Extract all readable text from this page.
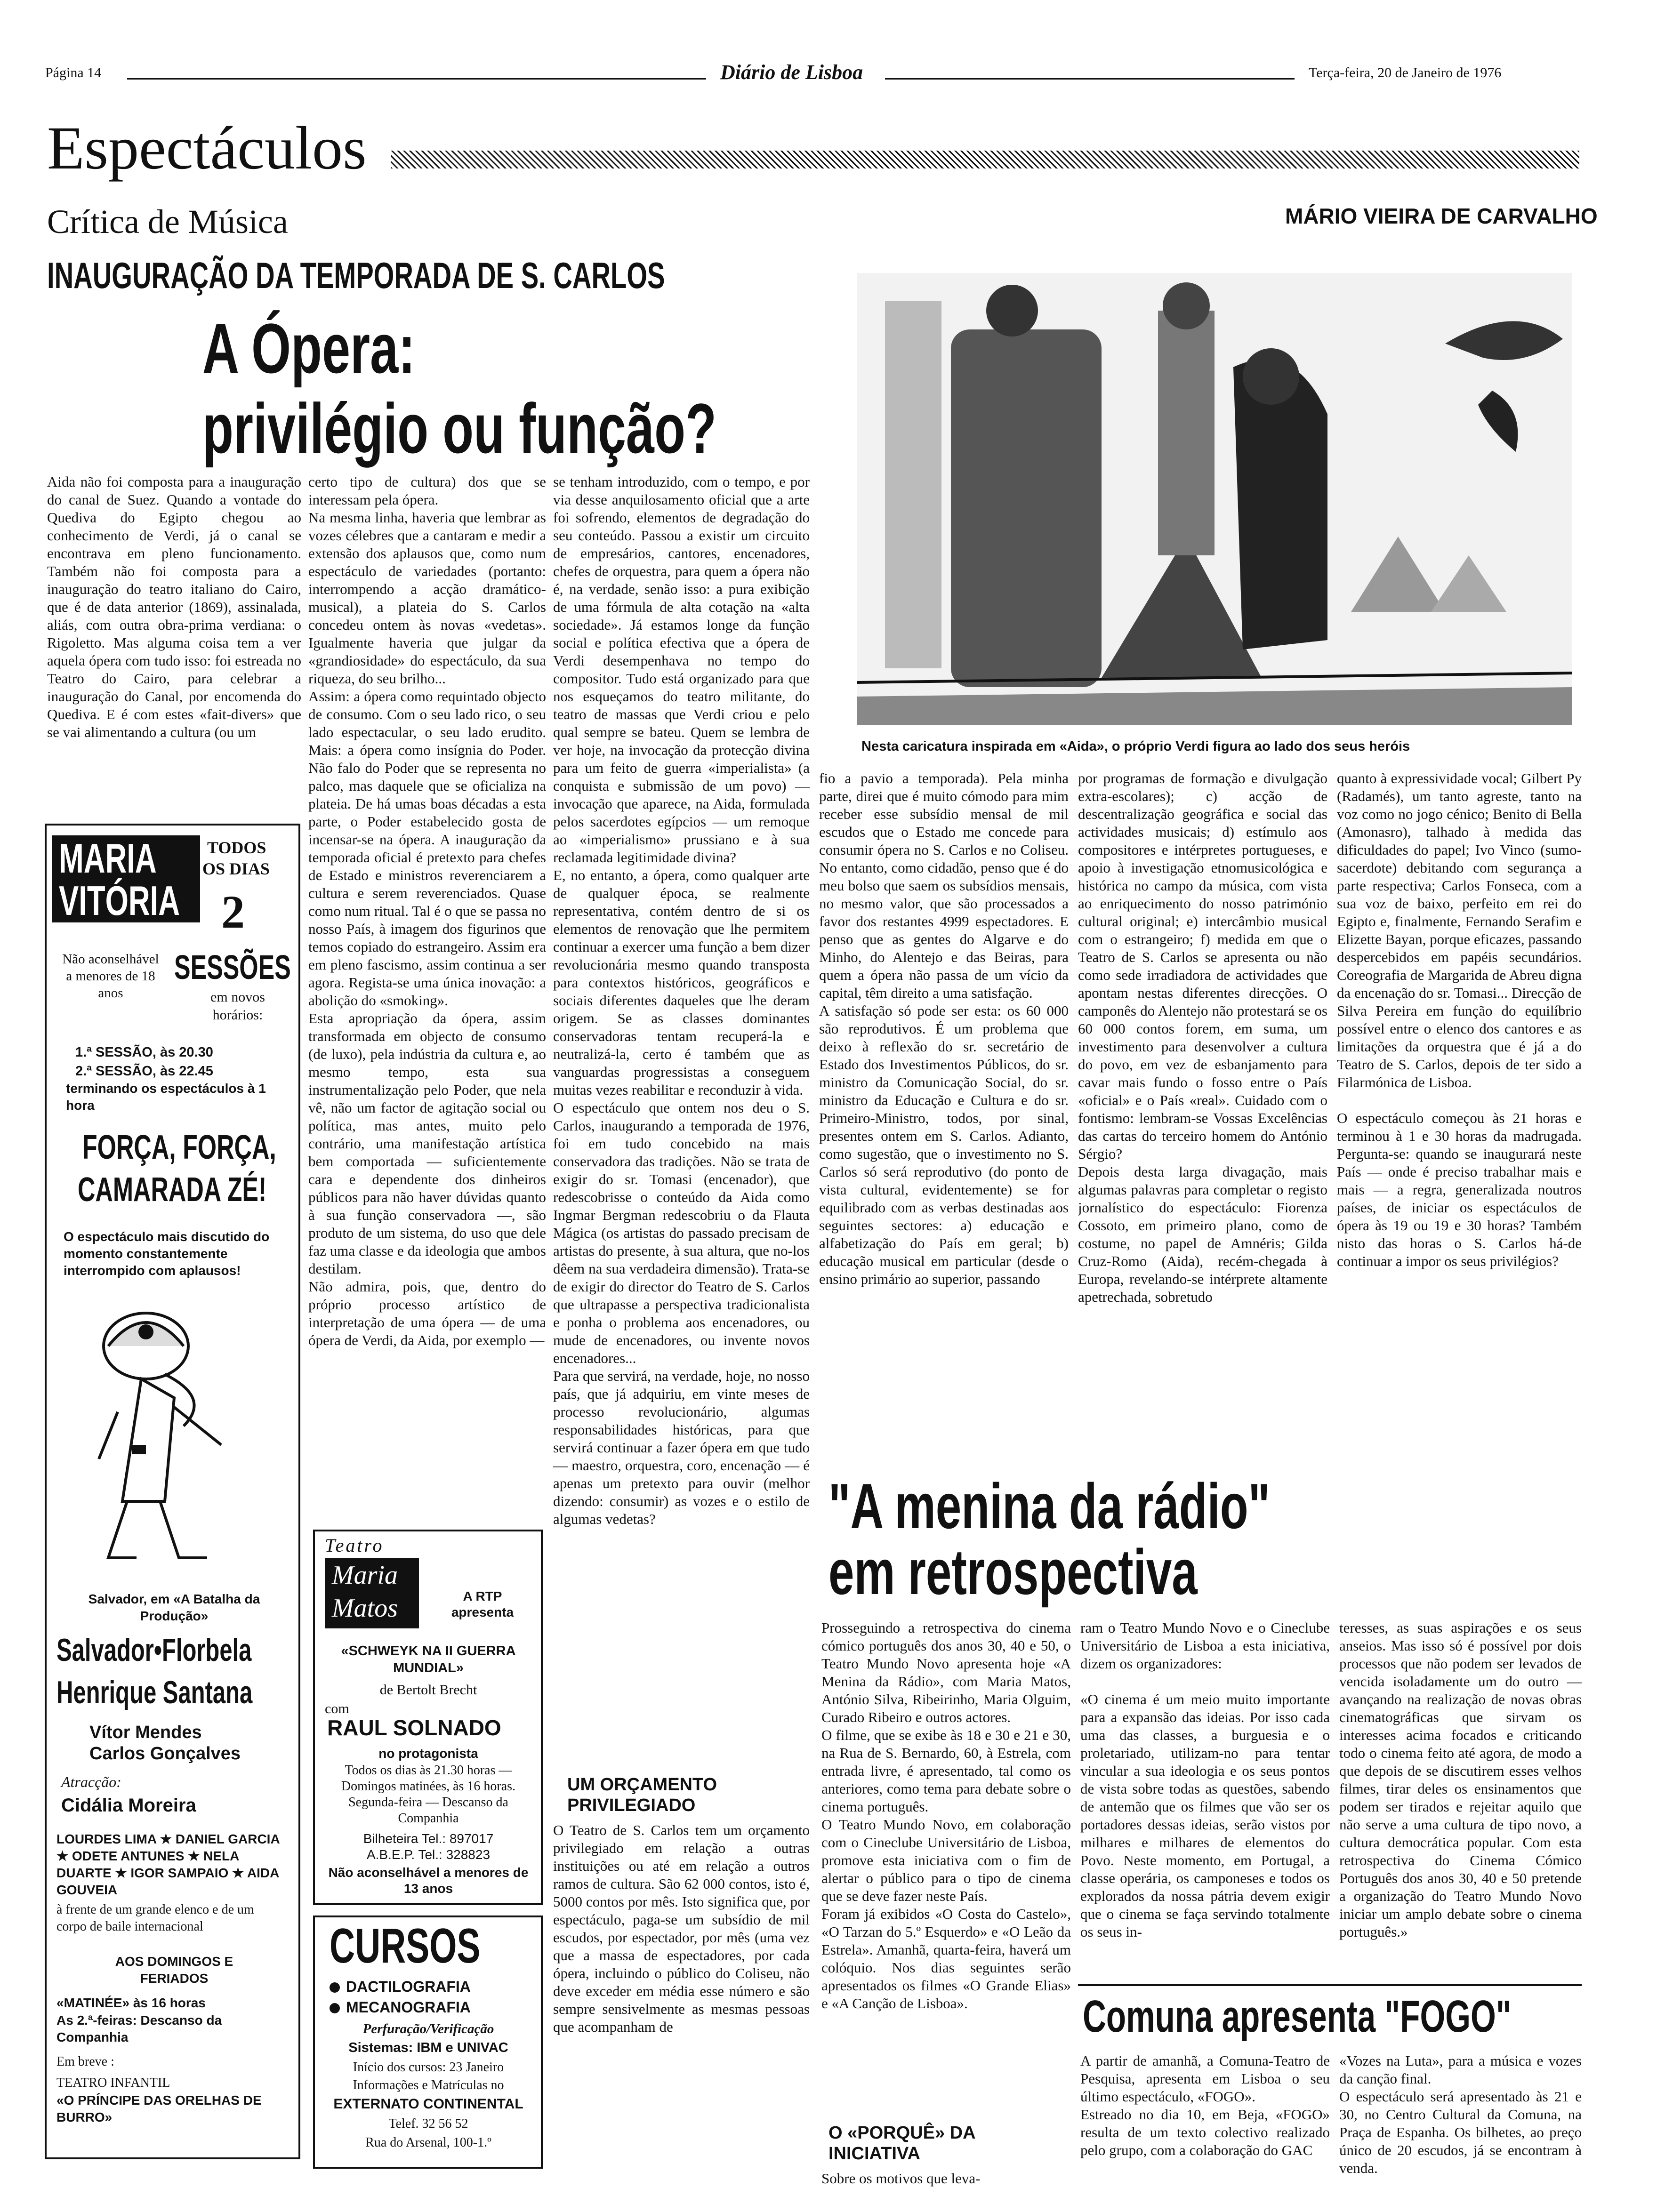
Página 14	Diário de Lisboa	Terça-feira, 20 de Janeiro de 1976
Espectáculos
Crítica de Música	MÁRIO VIEIRA DE CARVALHO
INAUGURAÇÃO DA TEMPORADA DE S. CARLOS
A Ópera:
privilégio ou função?
Nesta caricatura inspirada em «Aida», o próprio Verdi figura ao lado dos seus heróis
Aida não foi composta para a inauguração do canal de Suez. Quando a vontade do Quediva do Egipto chegou ao conhecimento de Verdi, já o canal se encontrava em pleno funcionamento. Também não foi composta para a inauguração do teatro italiano do Cairo, que é de data anterior (1869), assinalada, aliás, com outra obra-prima verdiana: o Rigoletto. Mas alguma coisa tem a ver aquela ópera com tudo isso: foi estreada no Teatro do Cairo, para celebrar a inauguração do Canal, por encomenda do Quediva. E é com estes «fait-divers» que se vai alimentando a cultura (ou um
certo tipo de cultura) dos que se interessam pela ópera.
Na mesma linha, haveria que lembrar as vozes célebres que a cantaram e medir a extensão dos aplausos que, como num espectáculo de variedades (portanto: interrompendo a acção dramático-musical), a plateia do S. Carlos concedeu ontem às novas «vedetas». Igualmente haveria que julgar da «grandiosidade» do espectáculo, da sua riqueza, do seu brilho...
Assim: a ópera como requintado objecto de consumo. Com o seu lado rico, o seu lado espectacular, o seu lado erudito. Mais: a ópera como insígnia do Poder. Não falo do Poder que se representa no palco, mas daquele que se oficializa na plateia. De há umas boas décadas a esta parte, o Poder estabelecido gosta de incensar-se na ópera. A inauguração da temporada oficial é pretexto para chefes de Estado e ministros reverenciarem a cultura e serem reverenciados. Quase como num ritual. Tal é o que se passa no nosso País, à imagem dos figurinos que temos copiado do estrangeiro. Assim era em pleno fascismo, assim continua a ser agora. Regista-se uma única inovação: a abolição do «smoking».
Esta apropriação da ópera, assim transformada em objecto de consumo (de luxo), pela indústria da cultura e, ao mesmo tempo, esta sua instrumentalização pelo Poder, que nela vê, não um factor de agitação social ou política, mas antes, muito pelo contrário, uma manifestação artística bem comportada — suficientemente cara e dependente dos dinheiros públicos para não haver dúvidas quanto à sua função conservadora —, são produto de um sistema, do uso que dele faz uma classe e da ideologia que ambos destilam.
Não admira, pois, que, dentro do próprio processo artístico de interpretação de uma ópera — de uma ópera de Verdi, da Aida, por exemplo —
se tenham introduzido, com o tempo, e por via desse anquilosamento oficial que a arte foi sofrendo, elementos de degradação do seu conteúdo. Passou a existir um circuito de empresários, cantores, encenadores, chefes de orquestra, para quem a ópera não é, na verdade, senão isso: a pura exibição de uma fórmula de alta cotação na «alta sociedade». Já estamos longe da função social e política efectiva que a ópera de Verdi desempenhava no tempo do compositor. Tudo está organizado para que nos esqueçamos do teatro militante, do teatro de massas que Verdi criou e pelo qual sempre se bateu. Quem se lembra de ver hoje, na invocação da protecção divina para um feito de guerra «imperialista» (a conquista e submissão de um povo) — invocação que aparece, na Aida, formulada pelos sacerdotes egípcios — um remoque ao «imperialismo» prussiano e à sua reclamada legitimidade divina?
E, no entanto, a ópera, como qualquer arte de qualquer época, se realmente representativa, contém dentro de si os elementos de renovação que lhe permitem continuar a exercer uma função a bem dizer revolucionária mesmo quando transposta para contextos históricos, geográficos e sociais diferentes daqueles que lhe deram origem. Se as classes dominantes conservadoras tentam recuperá-la e neutralizá-la, certo é também que as vanguardas progressistas a conseguem muitas vezes reabilitar e reconduzir à vida.
O espectáculo que ontem nos deu o S. Carlos, inaugurando a temporada de 1976, foi em tudo concebido na mais conservadora das tradições. Não se trata de exigir do sr. Tomasi (encenador), que redescobrisse o conteúdo da Aida como Ingmar Bergman redescobriu o da Flauta Mágica (os artistas do passado precisam de artistas do presente, à sua altura, que no-los dêem na sua verdadeira dimensão). Trata-se de exigir do director do Teatro de S. Carlos que ultrapasse a perspectiva tradicionalista e ponha o problema aos encenadores, ou mude de encenadores, ou invente novos encenadores...
Para que servirá, na verdade, hoje, no nosso país, que já adquiriu, em vinte meses de processo revolucionário, algumas responsabilidades históricas, para que servirá continuar a fazer ópera em que tudo — maestro, orquestra, coro, encenação — é apenas um pretexto para ouvir (melhor dizendo: consumir) as vozes e o estilo de algumas vedetas?
UM ORÇAMENTO PRIVILEGIADO
O Teatro de S. Carlos tem um orçamento privilegiado em relação a outras instituições ou até em relação a outros ramos de cultura. São 62 000 contos, isto é, 5000 contos por mês. Isto significa que, por espectáculo, paga-se um subsídio de mil escudos, por espectador, por mês (uma vez que a massa de espectadores, por cada ópera, incluindo o público do Coliseu, não deve exceder em média esse número e são sempre sensivelmente as mesmas pessoas que acompanham de
fio a pavio a temporada). Pela minha parte, direi que é muito cómodo para mim receber esse subsídio mensal de mil escudos que o Estado me concede para consumir ópera no S. Carlos e no Coliseu. No entanto, como cidadão, penso que é do meu bolso que saem os subsídios mensais, no mesmo valor, que são processados a favor dos restantes 4999 espectadores. E penso que as gentes do Algarve e do Minho, do Alentejo e das Beiras, para quem a ópera não passa de um vício da capital, têm direito a uma satisfação.
A satisfação só pode ser esta: os 60 000 são reprodutivos. É um problema que deixo à reflexão do sr. secretário de Estado dos Investimentos Públicos, do sr. ministro da Comunicação Social, do sr. ministro da Educação e Cultura e do sr. Primeiro-Ministro, todos, por sinal, presentes ontem em S. Carlos. Adianto, como sugestão, que o investimento no S. Carlos só será reprodutivo (do ponto de vista cultural, evidentemente) se for equilibrado com as verbas destinadas aos seguintes sectores: a) educação e alfabetização do País em geral; b) educação musical em particular (desde o ensino primário ao superior, passando
por programas de formação e divulgação extra-escolares); c) acção de descentralização geográfica e social das actividades musicais; d) estímulo aos compositores e intérpretes portugueses, e apoio à investigação etnomusicológica e histórica no campo da música, com vista ao enriquecimento do nosso património cultural original; e) intercâmbio musical com o estrangeiro; f) medida em que o Teatro de S. Carlos se apresenta ou não como sede irradiadora de actividades que apontam nestas diferentes direcções. O camponês do Alentejo não protestará se os 60 000 contos forem, em suma, um investimento para desenvolver a cultura do povo, em vez de esbanjamento para cavar mais fundo o fosso entre o País «oficial» e o País «real». Cuidado com o fontismo: lembram-se Vossas Excelências das cartas do terceiro homem do António Sérgio?
Depois desta larga divagação, mais algumas palavras para completar o registo jornalístico do espectáculo: Fiorenza Cossoto, em primeiro plano, como de costume, no papel de Amnéris; Gilda Cruz-Romo (Aida), recém-chegada à Europa, revelando-se intérprete altamente apetrechada, sobretudo
quanto à expressividade vocal; Gilbert Py (Radamés), um tanto agreste, tanto na voz como no jogo cénico; Benito di Bella (Amonasro), talhado à medida das dificuldades do papel; Ivo Vinco (sumo-sacerdote) debitando com segurança a parte respectiva; Carlos Fonseca, com a sua voz de baixo, perfeito em rei do Egipto e, finalmente, Fernando Serafim e Elizette Bayan, porque eficazes, passando despercebidos em papéis secundários. Coreografia de Margarida de Abreu digna da encenação do sr. Tomasi... Direcção de Silva Pereira em função do equilíbrio possível entre o elenco dos cantores e as limitações da orquestra que é já a do Teatro de S. Carlos, depois de ter sido a Filarmónica de Lisboa.

O espectáculo começou às 21 horas e terminou à 1 e 30 horas da madrugada. Pergunta-se: quando se inaugurará neste País — onde é preciso trabalhar mais e mais — a regra, generalizada noutros países, de iniciar os espectáculos de ópera às 19 ou 19 e 30 horas? Também nisto das horas o S. Carlos há-de continuar a impor os seus privilégios?
MARIA
VITÓRIA
TODOS
OS DIAS
2
SESSÕES
Não aconselhável a menores de 18 anos	em novos horários:
1.ª SESSÃO, às 20.30
2.ª SESSÃO, às 22.45
terminando os espectáculos à 1 hora
FORÇA, FORÇA,
CAMARADA ZÉ!
O espectáculo mais discutido do momento constantemente interrompido com aplausos!
Salvador, em «A Batalha da Produção»
Salvador•Florbela
Henrique Santana
Vítor Mendes
Carlos Gonçalves
Atracção:
Cidália Moreira
LOURDES LIMA ★ DANIEL GARCIA ★ ODETE ANTUNES ★ NELA DUARTE ★ IGOR SAMPAIO ★ AIDA GOUVEIA
à frente de um grande elenco e de um corpo de baile internacional
AOS DOMINGOS E FERIADOS
«MATINÉE» às 16 horas
As 2.ª-feiras: Descanso da Companhia
Em breve :
TEATRO INFANTIL
«O PRÍNCIPE DAS ORELHAS DE BURRO»
Teatro
Maria
Matos	A RTP apresenta
«SCHWEYK NA II GUERRA MUNDIAL»
de Bertolt Brecht
com
RAUL SOLNADO
no protagonista
Todos os dias às 21.30 horas — Domingos matinées, às 16 horas. Segunda-feira — Descanso da Companhia
Bilheteira Tel.: 897017
A.B.E.P. Tel.: 328823
Não aconselhável a menores de 13 anos
CURSOS
DACTILOGRAFIA
MECANOGRAFIA
Perfuração/Verificação
Sistemas: IBM e UNIVAC
Início dos cursos: 23 Janeiro
Informações e Matrículas no
EXTERNATO CONTINENTAL
Telef. 32 56 52
Rua do Arsenal, 100-1.º
"A menina da rádio"
em retrospectiva
Prosseguindo a retrospectiva do cinema cómico português dos anos 30, 40 e 50, o Teatro Mundo Novo apresenta hoje «A Menina da Rádio», com Maria Matos, António Silva, Ribeirinho, Maria Olguim, Curado Ribeiro e outros actores.
O filme, que se exibe às 18 e 30 e 21 e 30, na Rua de S. Bernardo, 60, à Estrela, com entrada livre, é apresentado, tal como os anteriores, como tema para debate sobre o cinema português.
O Teatro Mundo Novo, em colaboração com o Cineclube Universitário de Lisboa, promove esta iniciativa com o fim de alertar o público para o tipo de cinema que se deve fazer neste País.
Foram já exibidos «O Costa do Castelo», «O Tarzan do 5.º Esquerdo» e «O Leão da Estrela». Amanhã, quarta-feira, haverá um colóquio. Nos dias seguintes serão apresentados os filmes «O Grande Elias» e «A Canção de Lisboa».
O «PORQUÊ» DA INICIATIVA
Sobre os motivos que leva-
ram o Teatro Mundo Novo e o Cineclube Universitário de Lisboa a esta iniciativa, dizem os organizadores:

«O cinema é um meio muito importante para a expansão das ideias. Por isso cada uma das classes, a burguesia e o proletariado, utilizam-no para tentar vincular a sua ideologia e os seus pontos de vista sobre todas as questões, sabendo de antemão que os filmes que vão ser os portadores dessas ideias, serão vistos por milhares e milhares de elementos do Povo. Neste momento, em Portugal, a classe operária, os camponeses e todos os explorados da nossa pátria devem exigir que o cinema se faça servindo totalmente os seus in-
teresses, as suas aspirações e os seus anseios. Mas isso só é possível por dois processos que não podem ser levados de vencida isoladamente um do outro — avançando na realização de novas obras cinematográficas que sirvam os interesses acima focados e criticando todo o cinema feito até agora, de modo a que depois de se discutirem esses velhos filmes, tirar deles os ensinamentos que podem ser tirados e rejeitar aquilo que não serve a uma cultura de tipo novo, a cultura democrática popular. Com esta retrospectiva do Cinema Cómico Português dos anos 30, 40 e 50 pretende a organização do Teatro Mundo Novo iniciar um amplo debate sobre o cinema português.»
Comuna apresenta "FOGO"
A partir de amanhã, a Comuna-Teatro de Pesquisa, apresenta em Lisboa o seu último espectáculo, «FOGO».
Estreado no dia 10, em Beja, «FOGO» resulta de um texto colectivo realizado pelo grupo, com a colaboração do GAC
«Vozes na Luta», para a música e vozes da canção final.
O espectáculo será apresentado às 21 e 30, no Centro Cultural da Comuna, na Praça de Espanha. Os bilhetes, ao preço único de 20 escudos, já se encontram à venda.
